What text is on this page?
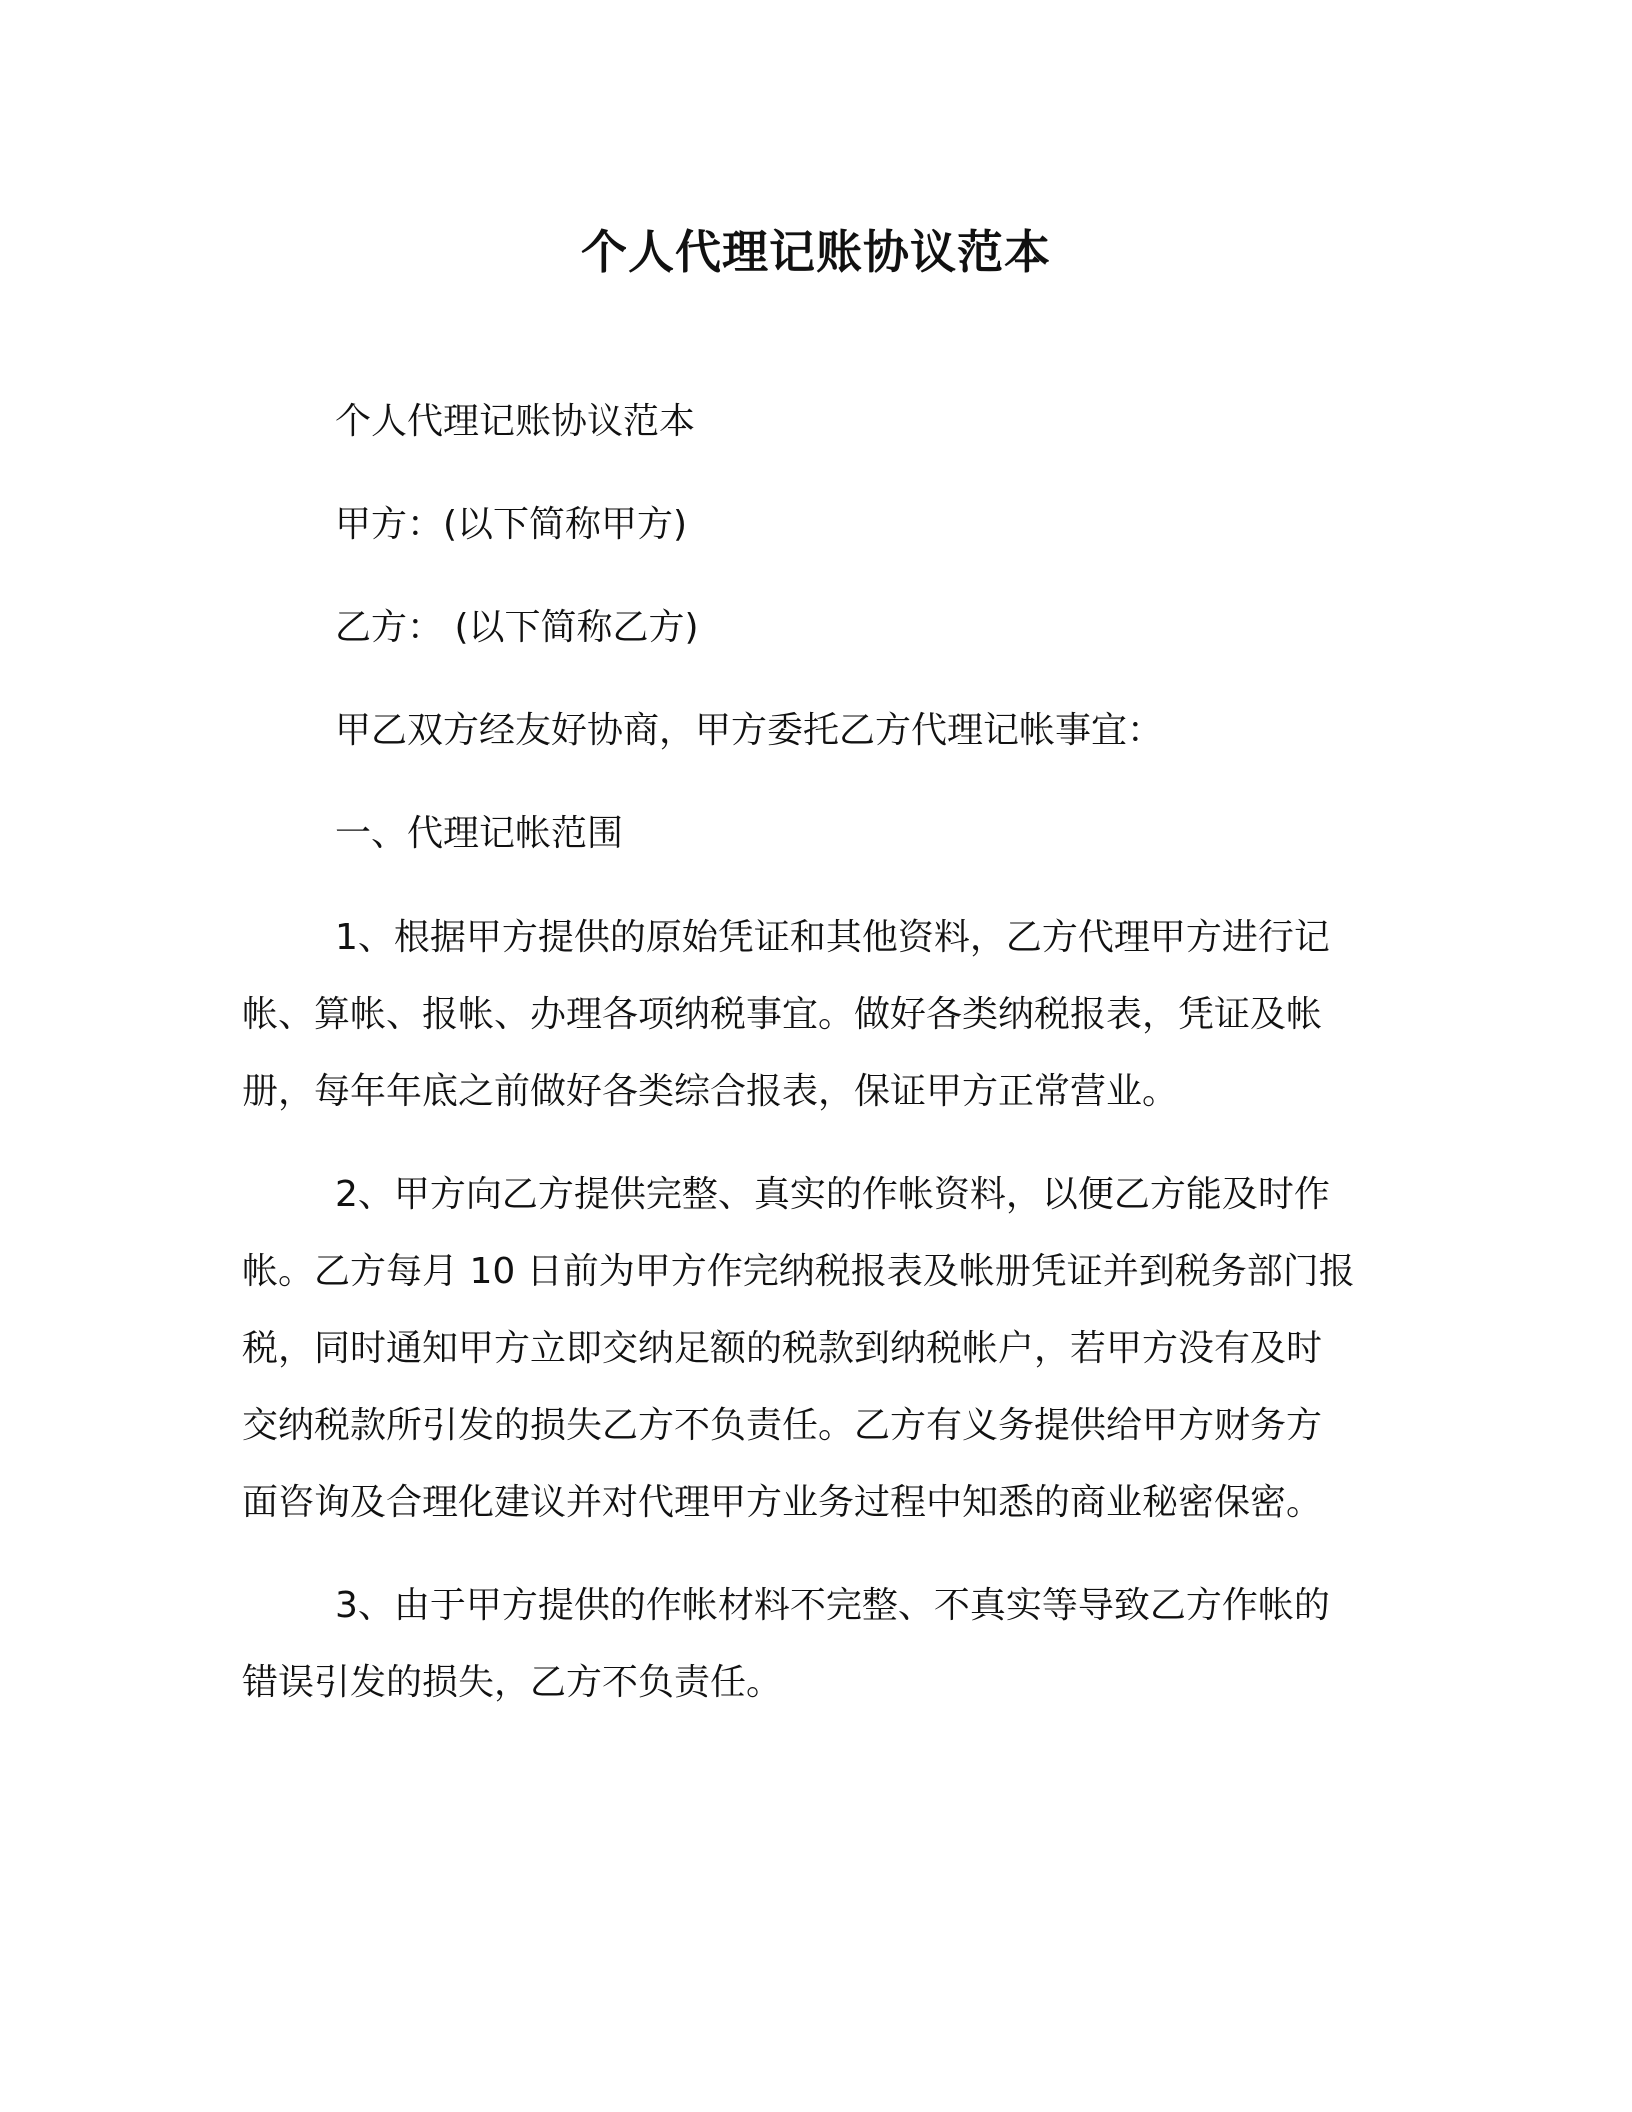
个人代理记账协议范本
个人代理记账协议范本
甲方：(以下简称甲方)
乙方： (以下简称乙方)
甲乙双方经友好协商，甲方委托乙方代理记帐事宜：
一、代理记帐范围
1、根据甲方提供的原始凭证和其他资料，乙方代理甲方进行记
帐、算帐、报帐、办理各项纳税事宜。做好各类纳税报表，凭证及帐
册，每年年底之前做好各类综合报表，保证甲方正常营业。
2、甲方向乙方提供完整、真实的作帐资料，以便乙方能及时作
帐。乙方每月 10 日前为甲方作完纳税报表及帐册凭证并到税务部门报
税，同时通知甲方立即交纳足额的税款到纳税帐户，若甲方没有及时
交纳税款所引发的损失乙方不负责任。乙方有义务提供给甲方财务方
面咨询及合理化建议并对代理甲方业务过程中知悉的商业秘密保密。
3、由于甲方提供的作帐材料不完整、不真实等导致乙方作帐的
错误引发的损失，乙方不负责任。
